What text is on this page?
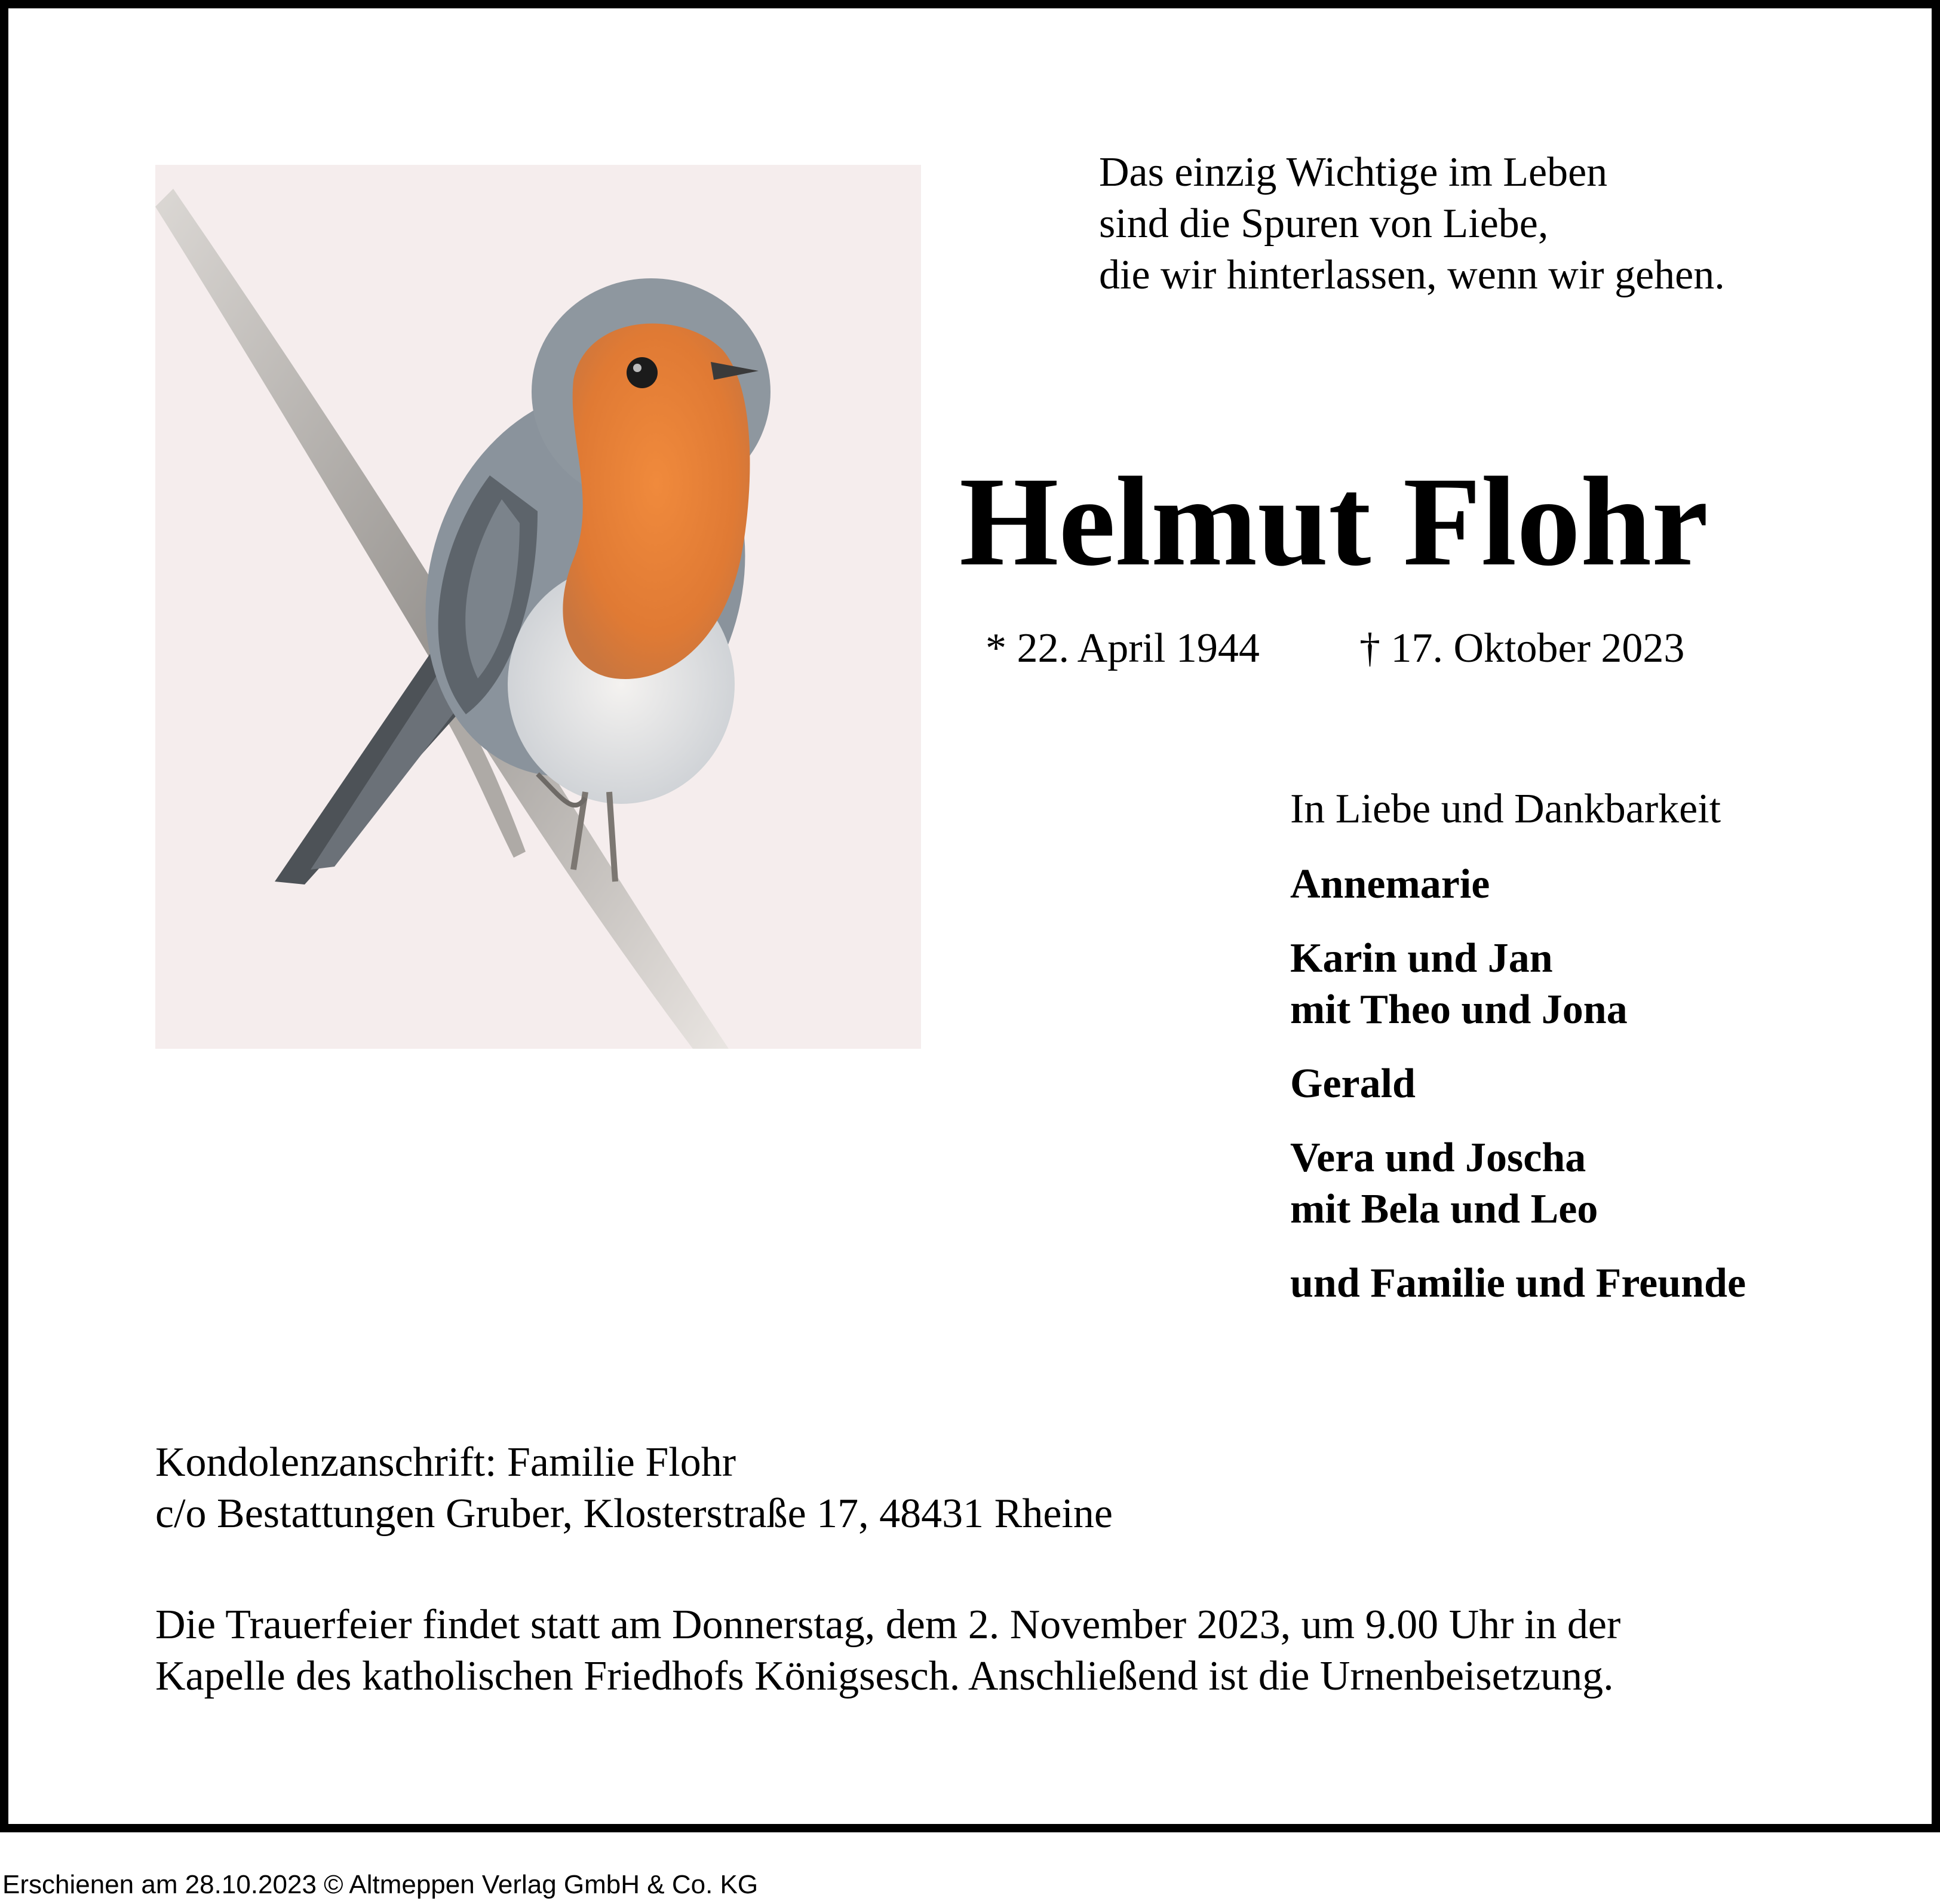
Das einzig Wichtige im Leben
sind die Spuren von Liebe,
die wir hinterlassen, wenn wir gehen.
Helmut Flohr
* 22. April 1944 † 17. Oktober 2023
In Liebe und Dankbarkeit
Annemarie
Karin und Jan
mit Theo und Jona
Gerald
Vera und Joscha
mit Bela und Leo
und Familie und Freunde
Kondolenzanschrift: Familie Flohr
c/o Bestattungen Gruber, Klosterstraße 17, 48431 Rheine
Die Trauerfeier findet statt am Donnerstag, dem 2. November 2023, um 9.00 Uhr in der
Kapelle des katholischen Friedhofs Königsesch. Anschließend ist die Urnenbeisetzung.
Erschienen am 28.10.2023 © Altmeppen Verlag GmbH & Co. KG
